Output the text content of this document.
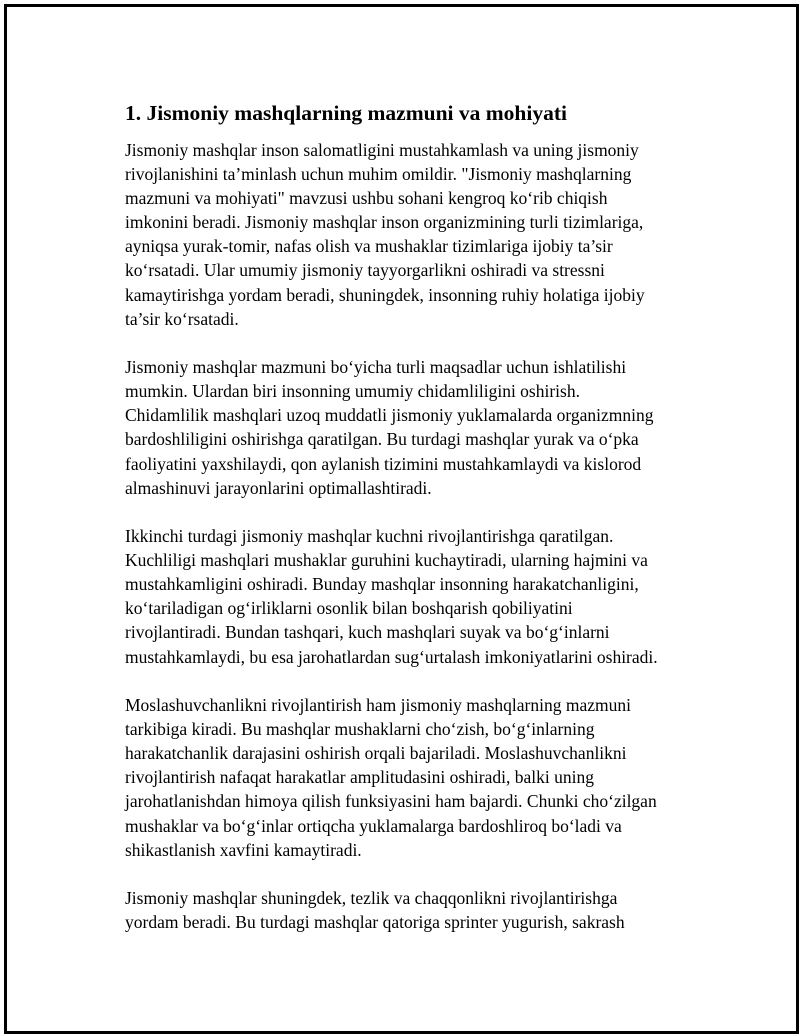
1. Jismoniy mashqlarning mazmuni va mohiyati
Jismoniy mashqlar inson salomatligini mustahkamlash va uning jismoniy
rivojlanishini ta’minlash uchun muhim omildir. "Jismoniy mashqlarning
mazmuni va mohiyati" mavzusi ushbu sohani kengroq koʻrib chiqish
imkonini beradi. Jismoniy mashqlar inson organizmining turli tizimlariga,
ayniqsa yurak-tomir, nafas olish va mushaklar tizimlariga ijobiy ta’sir
koʻrsatadi. Ular umumiy jismoniy tayyorgarlikni oshiradi va stressni
kamaytirishga yordam beradi, shuningdek, insonning ruhiy holatiga ijobiy
ta’sir koʻrsatadi.
Jismoniy mashqlar mazmuni boʻyicha turli maqsadlar uchun ishlatilishi
mumkin. Ulardan biri insonning umumiy chidamliligini oshirish.
Chidamlilik mashqlari uzoq muddatli jismoniy yuklamalarda organizmning
bardoshliligini oshirishga qaratilgan. Bu turdagi mashqlar yurak va oʻpka
faoliyatini yaxshilaydi, qon aylanish tizimini mustahkamlaydi va kislorod
almashinuvi jarayonlarini optimallashtiradi.
Ikkinchi turdagi jismoniy mashqlar kuchni rivojlantirishga qaratilgan.
Kuchliligi mashqlari mushaklar guruhini kuchaytiradi, ularning hajmini va
mustahkamligini oshiradi. Bunday mashqlar insonning harakatchanligini,
koʻtariladigan ogʻirliklarni osonlik bilan boshqarish qobiliyatini
rivojlantiradi. Bundan tashqari, kuch mashqlari suyak va boʻgʻinlarni
mustahkamlaydi, bu esa jarohatlardan sugʻurtalash imkoniyatlarini oshiradi.
Moslashuvchanlikni rivojlantirish ham jismoniy mashqlarning mazmuni
tarkibiga kiradi. Bu mashqlar mushaklarni choʻzish, boʻgʻinlarning
harakatchanlik darajasini oshirish orqali bajariladi. Moslashuvchanlikni
rivojlantirish nafaqat harakatlar amplitudasini oshiradi, balki uning
jarohatlanishdan himoya qilish funksiyasini ham bajardi. Chunki choʻzilgan
mushaklar va boʻgʻinlar ortiqcha yuklamalarga bardoshliroq boʻladi va
shikastlanish xavfini kamaytiradi.
Jismoniy mashqlar shuningdek, tezlik va chaqqonlikni rivojlantirishga
yordam beradi. Bu turdagi mashqlar qatoriga sprinter yugurish, sakrash
